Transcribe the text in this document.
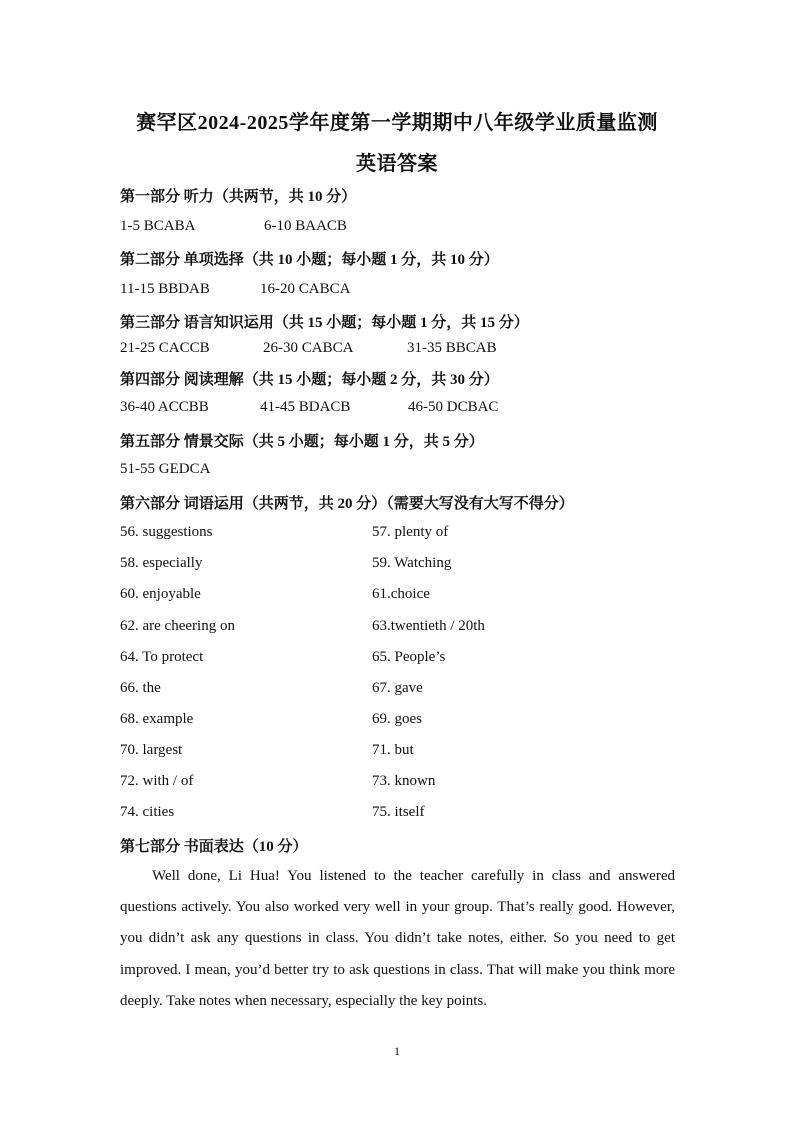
赛罕区2024-2025学年度第一学期期中八年级学业质量监测
英语答案
第一部分 听力（共两节，共 10 分）
1-5 BCABA	6-10 BAACB
第二部分 单项选择（共 10 小题；每小题 1 分，共 10 分）
11-15 BBDAB	16-20 CABCA
第三部分 语言知识运用（共 15 小题；每小题 1 分，共 15 分）
21-25 CACCB	26-30 CABCA	31-35 BBCAB
第四部分 阅读理解（共 15 小题；每小题 2 分，共 30 分）
36-40 ACCBB	41-45 BDACB	46-50 DCBAC
第五部分 情景交际（共 5 小题；每小题 1 分，共 5 分）
51-55 GEDCA
第六部分 词语运用（共两节，共 20 分）（需要大写没有大写不得分）
56. suggestions	57. plenty of
58. especially	59. Watching
60. enjoyable	61.choice
62. are cheering on	63.twentieth / 20th
64. To protect	65. People’s
66. the	67. gave
68. example	69. goes
70. largest	71. but
72. with / of	73. known
74. cities	75. itself
第七部分 书面表达（10 分）
Well done, Li Hua! You listened to the teacher carefully in class and answered questions actively. You also worked very well in your group. That’s really good. However, you didn’t ask any questions in class. You didn’t take notes, either. So you need to get improved. I mean, you’d better try to ask questions in class. That will make you think more deeply. Take notes when necessary, especially the key points.
1
